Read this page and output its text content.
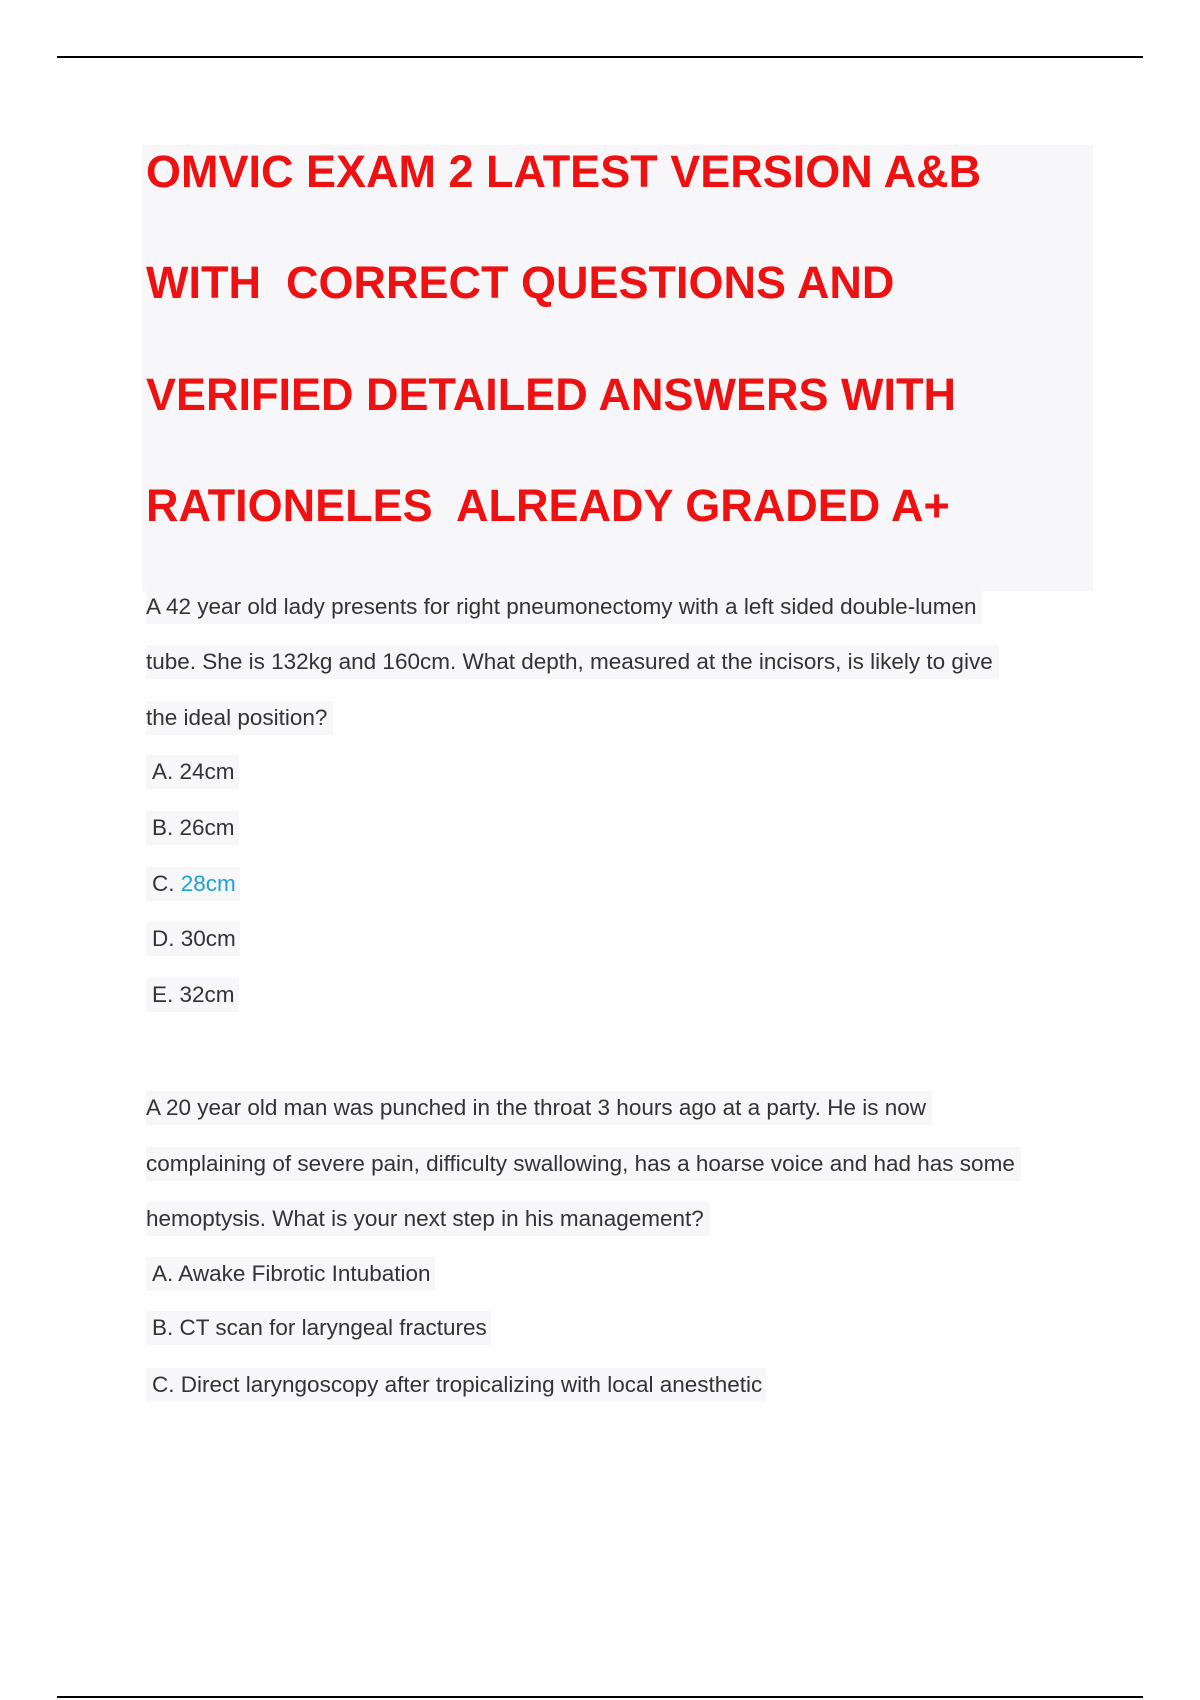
OMVIC EXAM 2 LATEST VERSION A&B
WITH  CORRECT QUESTIONS AND
VERIFIED DETAILED ANSWERS WITH
RATIONELES  ALREADY GRADED A+
A 42 year old lady presents for right pneumonectomy with a left sided double-lumen
tube. She is 132kg and 160cm. What depth, measured at the incisors, is likely to give
the ideal position?
A. 24cm
B. 26cm
C. 28cm
D. 30cm
E. 32cm
A 20 year old man was punched in the throat 3 hours ago at a party. He is now
complaining of severe pain, difficulty swallowing, has a hoarse voice and had has some
hemoptysis. What is your next step in his management?
A. Awake Fibrotic Intubation
B. CT scan for laryngeal fractures
C. Direct laryngoscopy after tropicalizing with local anesthetic
